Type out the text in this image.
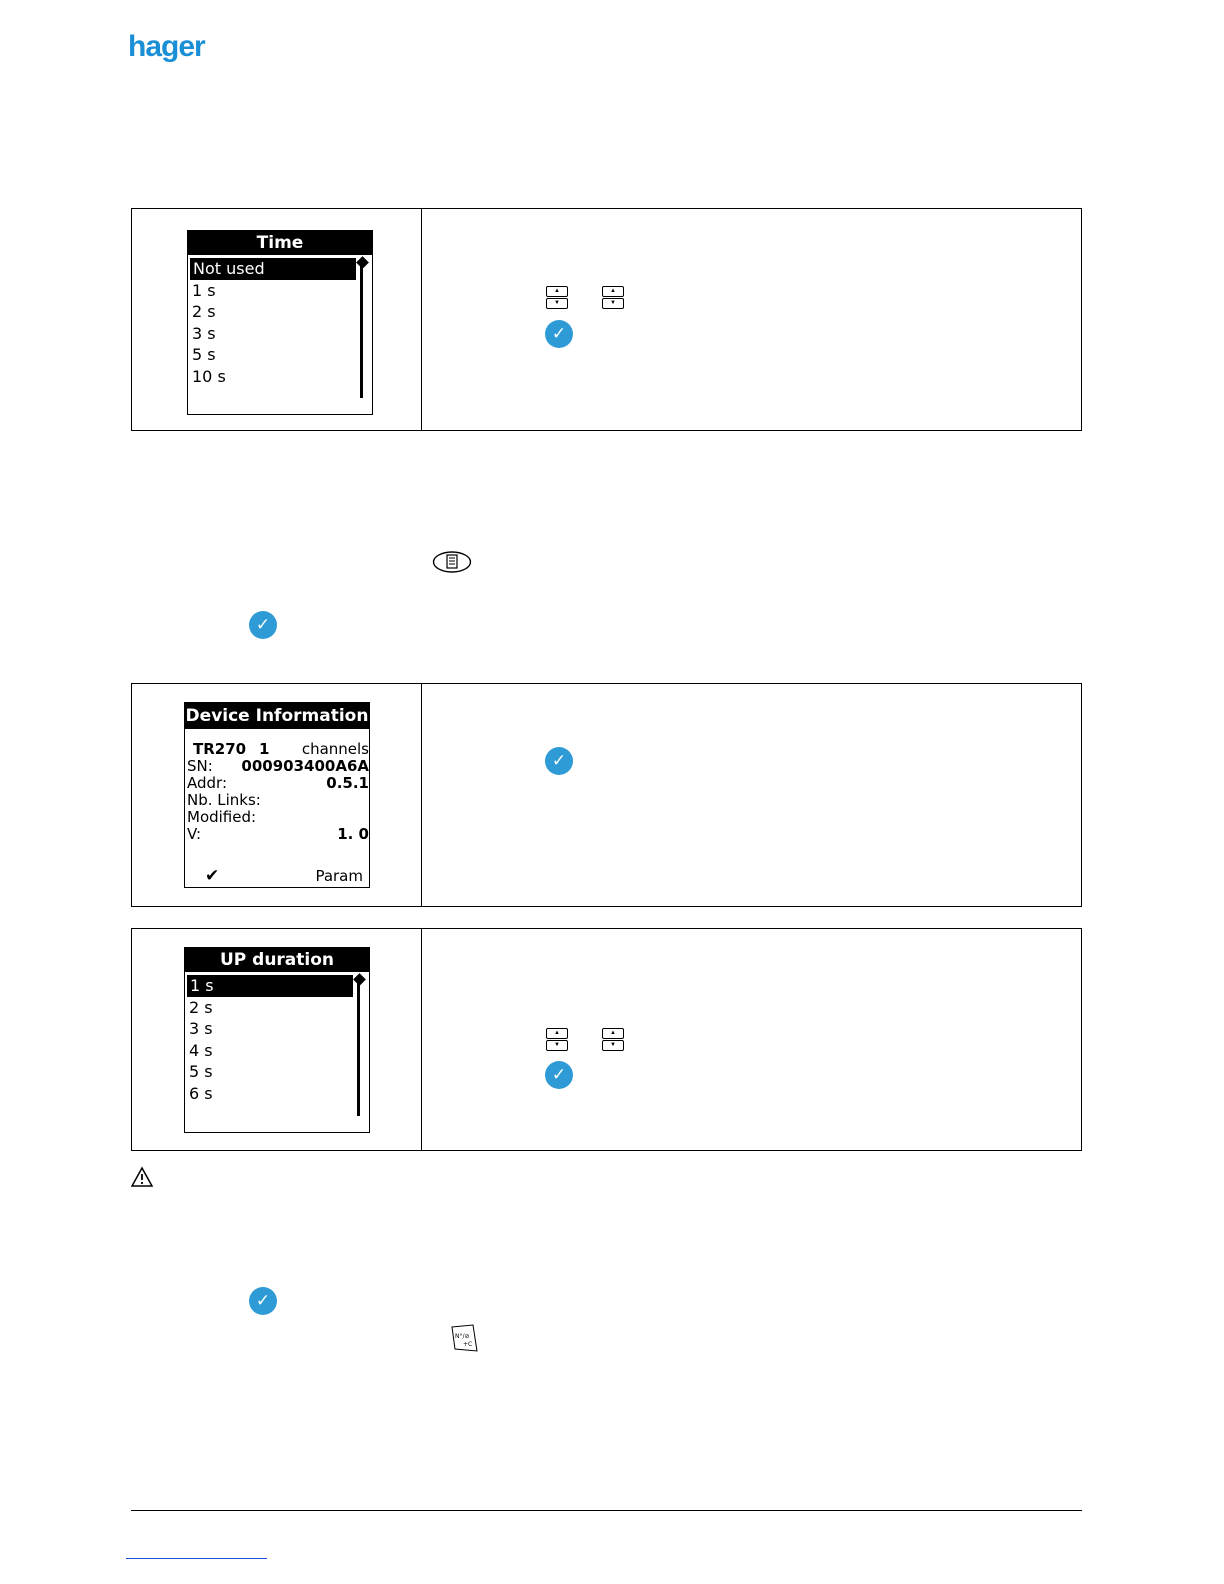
hager
Time
Not used
1 s
2 s
3 s
5 s
10 s
▲
▼
▲
▼
✓
✓
Device Information
TR270 1 channels
SN: 000903400A6A
Addr:	0.5.1
Nb. Links:
Modified:
V:	1. 0
✔	Param
✓
UP duration
1 s
2 s
3 s
4 s
5 s
6 s
▲
▼
▲
▼
✓
✓
N°/⊘
+C
